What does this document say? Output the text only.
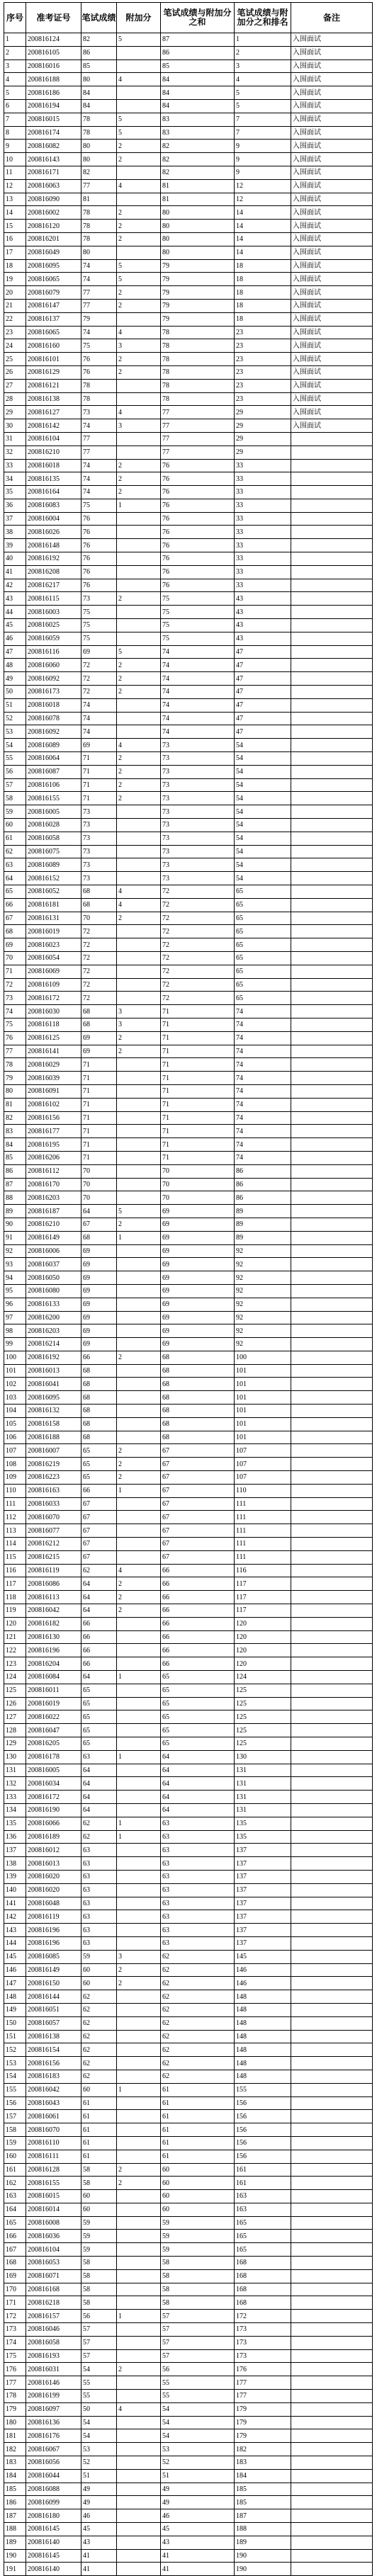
序号	准考证号	笔试成绩	附加分	笔试成绩与附加分之和	笔试成绩与附加分之和排名	备注
1	200816124	82	5	87	1	入围面试
2	200816105	86		86	2	入围面试
3	200816016	85		85	3	入围面试
4	200816188	80	4	84	4	入围面试
5	200816186	84		84	5	入围面试
6	200816194	84		84	5	入围面试
7	200816015	78	5	83	7	入围面试
8	200816174	78	5	83	7	入围面试
9	200816082	80	2	82	9	入围面试
10	200816143	80	2	82	9	入围面试
11	200816171	82		82	9	入围面试
12	200816063	77	4	81	12	入围面试
13	200816090	81		81	12	入围面试
14	200816002	78	2	80	14	入围面试
15	200816120	78	2	80	14	入围面试
16	200816201	78	2	80	14	入围面试
17	200816049	80		80	14	入围面试
18	200816095	74	5	79	18	入围面试
19	200816065	74	5	79	18	入围面试
20	200816079	77	2	79	18	入围面试
21	200816147	77	2	79	18	入围面试
22	200816137	79		79	18	入围面试
23	200816065	74	4	78	23	入围面试
24	200816160	75	3	78	23	入围面试
25	200816101	76	2	78	23	入围面试
26	200816129	76	2	78	23	入围面试
27	200816121	78		78	23	入围面试
28	200816138	78		78	23	入围面试
29	200816127	73	4	77	29	入围面试
30	200816142	74	3	77	29	入围面试
31	200816104	77		77	29	
32	200816210	77		77	29	
33	200816018	74	2	76	33	
34	200816135	74	2	76	33	
35	200816164	74	2	76	33	
36	200816083	75	1	76	33	
37	200816004	76		76	33	
38	200816026	76		76	33	
39	200816148	76		76	33	
40	200816192	76		76	33	
41	200816208	76		76	33	
42	200816217	76		76	33	
43	200816115	73	2	75	43	
44	200816003	75		75	43	
45	200816025	75		75	43	
46	200816059	75		75	43	
47	200816116	69	5	74	47	
48	200816060	72	2	74	47	
49	200816092	72	2	74	47	
50	200816173	72	2	74	47	
51	200816018	74		74	47	
52	200816078	74		74	47	
53	200816092	74		74	47	
54	200816089	69	4	73	54	
55	200816064	71	2	73	54	
56	200816087	71	2	73	54	
57	200816106	71	2	73	54	
58	200816155	71	2	73	54	
59	200816005	73		73	54	
60	200816028	73		73	54	
61	200816058	73		73	54	
62	200816075	73		73	54	
63	200816089	73		73	54	
64	200816152	73		73	54	
65	200816052	68	4	72	65	
66	200816181	68	4	72	65	
67	200816131	70	2	72	65	
68	200816019	72		72	65	
69	200816023	72		72	65	
70	200816054	72		72	65	
71	200816069	72		72	65	
72	200816109	72		72	65	
73	200816172	72		72	65	
74	200816030	68	3	71	74	
75	200816118	68	3	71	74	
76	200816125	69	2	71	74	
77	200816141	69	2	71	74	
78	200816029	71		71	74	
79	200816039	71		71	74	
80	200816091	71		71	74	
81	200816102	71		71	74	
82	200816156	71		71	74	
83	200816177	71		71	74	
84	200816195	71		71	74	
85	200816206	71		71	74	
86	200816112	70		70	86	
87	200816170	70		70	86	
88	200816203	70		70	86	
89	200816187	64	5	69	89	
90	200816210	67	2	69	89	
91	200816149	68	1	69	89	
92	200816006	69		69	92	
93	200816037	69		69	92	
94	200816050	69		69	92	
95	200816080	69		69	92	
96	200816133	69		69	92	
97	200816200	69		69	92	
98	200816203	69		69	92	
99	200816214	69		69	92	
100	200816192	66	2	68	100	
101	200816013	68		68	101	
102	200816041	68		68	101	
103	200816095	68		68	101	
104	200816132	68		68	101	
105	200816158	68		68	101	
106	200816188	68		68	101	
107	200816007	65	2	67	107	
108	200816219	65	2	67	107	
109	200816223	65	2	67	107	
110	200816163	66	1	67	110	
111	200816033	67		67	111	
112	200816070	67		67	111	
113	200816077	67		67	111	
114	200816212	67		67	111	
115	200816215	67		67	111	
116	200816119	62	4	66	116	
117	200816086	64	2	66	117	
118	200816113	64	2	66	117	
119	200816042	64	2	66	117	
120	200816182	66		66	120	
121	200816130	66		66	120	
122	200816196	66		66	120	
123	200816204	66		66	120	
124	200816084	64	1	65	124	
125	200816011	65		65	125	
126	200816019	65		65	125	
127	200816022	65		65	125	
128	200816047	65		65	125	
129	200816205	65		65	125	
130	200816178	63	1	64	130	
131	200816005	64		64	131	
132	200816034	64		64	131	
133	200816172	64		64	131	
134	200816190	64		64	131	
135	200816066	62	1	63	135	
136	200816189	62	1	63	135	
137	200816012	63		63	137	
138	200816013	63		63	137	
139	200816020	63		63	137	
140	200816020	63		63	137	
141	200816048	63		63	137	
142	200816119	63		63	137	
143	200816196	63		63	137	
144	200816196	63		63	137	
145	200816085	59	3	62	145	
146	200816149	60	2	62	146	
147	200816150	60	2	62	146	
148	200816144	62		62	148	
149	200816051	62		62	148	
150	200816057	62		62	148	
151	200816138	62		62	148	
152	200816154	62		62	148	
153	200816156	62		62	148	
154	200816183	62		62	148	
155	200816042	60	1	61	155	
156	200816043	61		61	156	
157	200816061	61		61	156	
158	200816070	61		61	156	
159	200816110	61		61	156	
160	200816111	61		61	156	
161	200816128	58	2	60	161	
162	200816155	58	2	60	161	
163	200816015	60		60	163	
164	200816014	60		60	163	
165	200816008	59		59	165	
166	200816036	59		59	165	
167	200816104	59		59	165	
168	200816053	58		58	168	
169	200816071	58		58	168	
170	200816168	58		58	168	
171	200816218	58		58	168	
172	200816157	56	1	57	172	
173	200816046	57		57	173	
174	200816058	57		57	173	
175	200816193	57		57	173	
176	200816031	54	2	56	176	
177	200816146	55		55	177	
178	200816199	55		55	177	
179	200816097	50	4	54	179	
180	200816136	54		54	179	
181	200816176	54		54	179	
182	200816067	53		53	182	
183	200816056	52		52	183	
184	200816044	51		51	184	
185	200816088	49		49	185	
186	200816099	49		49	185	
187	200816180	46		46	187	
188	200816145	45		45	188	
189	200816140	43		43	189	
190	200816145	41		41	190	
191	200816140	41		41	190	
